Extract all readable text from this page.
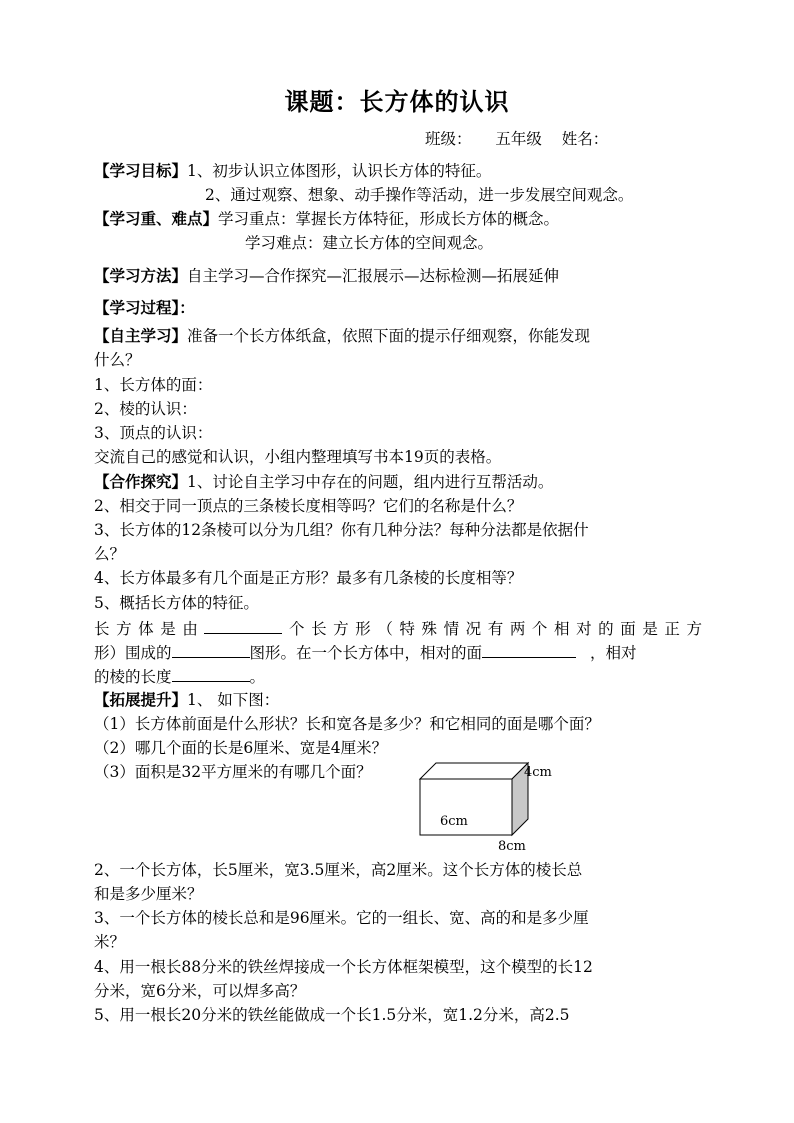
课题：长方体的认识
班级： 五年级 姓名：
【学习目标】1、初步认识立体图形，认识长方体的特征。
2、通过观察、想象、动手操作等活动，进一步发展空间观念。
【学习重、难点】学习重点：掌握长方体特征，形成长方体的概念。
学习难点：建立长方体的空间观念。
【学习方法】自主学习—合作探究—汇报展示—达标检测—拓展延伸
【学习过程】：
【自主学习】准备一个长方体纸盒，依照下面的提示仔细观察，你能发现
什么？
1、长方体的面：
2、棱的认识：
3、顶点的认识：
交流自己的感觉和认识，小组内整理填写书本19页的表格。
【合作探究】1、讨论自主学习中存在的问题，组内进行互帮活动。
2、相交于同一顶点的三条棱长度相等吗？它们的名称是什么？
3、长方体的12条棱可以分为几组？你有几种分法？每种分法都是依据什
么？
4、长方体最多有几个面是正方形？最多有几条棱的长度相等？
5、概括长方体的特征。
长方体是由	个长方形（特殊情况有两个相对的面是正方
形）围成的	图形。在一个长方体中，相对的面	，相对
的棱的长度	。
【拓展提升】1、 如下图：
（1）长方体前面是什么形状？长和宽各是多少？和它相同的面是哪个面？
（2）哪几个面的长是6厘米、宽是4厘米？
（3）面积是32平方厘米的有哪几个面？	4cm
6cm
8cm
2、一个长方体，长5厘米，宽3.5厘米，高2厘米。这个长方体的棱长总
和是多少厘米？
3、一个长方体的棱长总和是96厘米。它的一组长、宽、高的和是多少厘
米？
4、用一根长88分米的铁丝焊接成一个长方体框架模型，这个模型的长12
分米，宽6分米，可以焊多高？
5、用一根长20分米的铁丝能做成一个长1.5分米，宽1.2分米，高2.5
